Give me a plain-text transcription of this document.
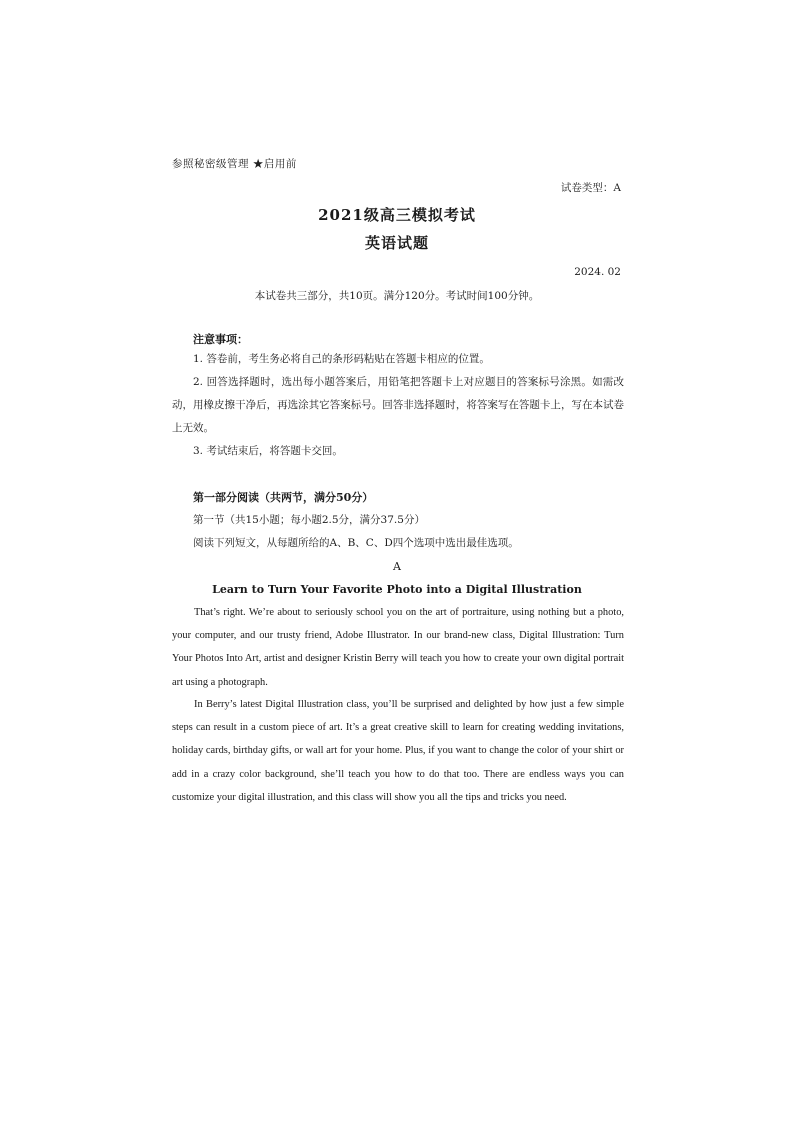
参照秘密级管理 ★启用前
试卷类型：A
2021级高三模拟考试
英语试题
2024. 02
本试卷共三部分，共10页。满分120分。考试时间100分钟。
注意事项：

1. 答卷前，考生务必将自己的条形码粘贴在答题卡相应的位置。

2. 回答选择题时，选出每小题答案后，用铅笔把答题卡上对应题目的答案标号涂黑。如需改动，用橡皮擦干净后，再选涂其它答案标号。回答非选择题时，将答案写在答题卡上，写在本试卷上无效。

3. 考试结束后，将答题卡交回。

第一部分阅读（共两节，满分50分）
第一节（共15小题；每小题2.5分，满分37.5分）
阅读下列短文，从每题所给的A、B、C、D四个选项中选出最佳选项。
A
Learn to Turn Your Favorite Photo into a Digital Illustration

That’s right. We’re about to seriously school you on the art of portraiture, using nothing but a photo, your computer, and our trusty friend, Adobe Illustrator. In our brand-new class, Digital Illustration: Turn Your Photos Into Art, artist and designer Kristin Berry will teach you how to create your own digital portrait art using a photograph.

In Berry’s latest Digital Illustration class, you’ll be surprised and delighted by how just a few simple steps can result in a custom piece of art. It’s a great creative skill to learn for creating wedding invitations, holiday cards, birthday gifts, or wall art for your home. Plus, if you want to change the color of your shirt or add in a crazy color background, she’ll teach you how to do that too. There are endless ways you can customize your digital illustration, and this class will show you all the tips and tricks you need.
